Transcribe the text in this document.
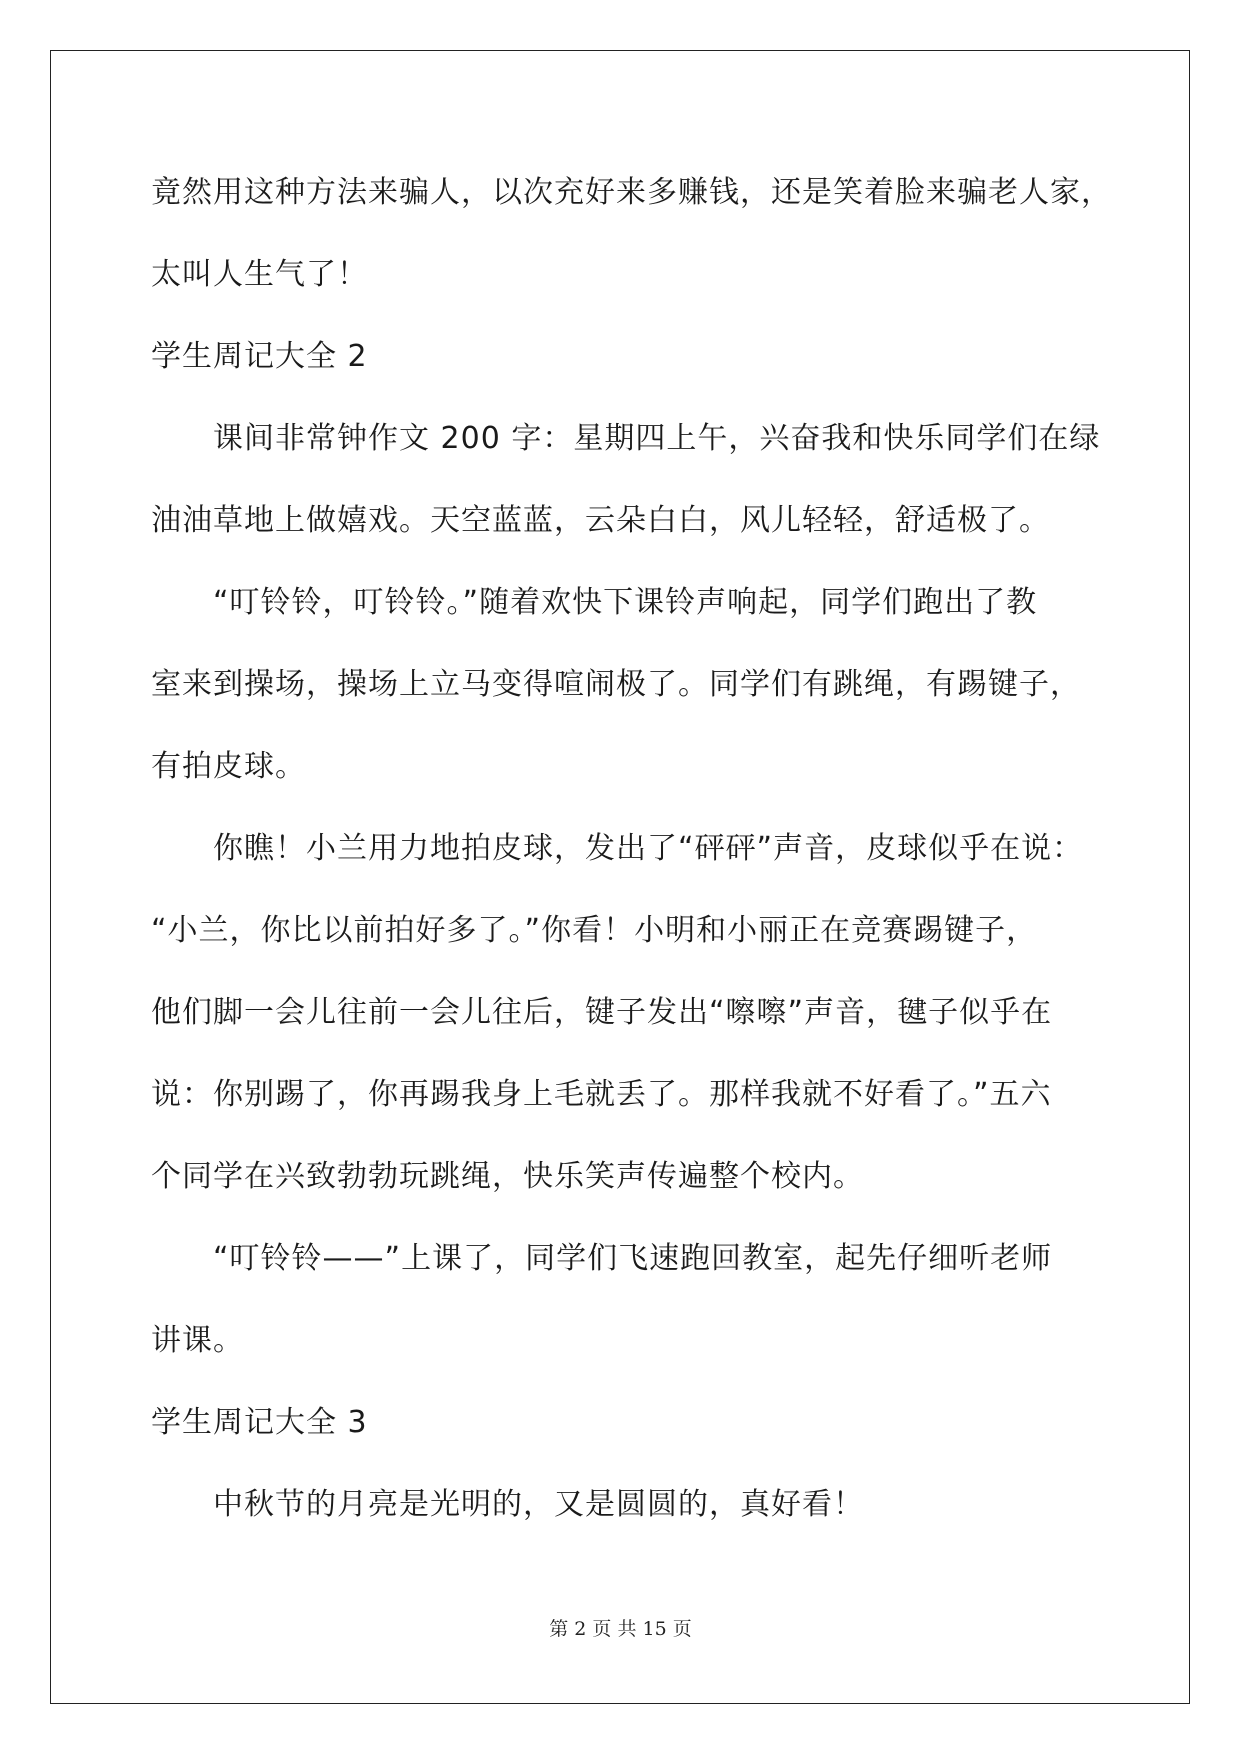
竟然用这种方法来骗人，以次充好来多赚钱，还是笑着脸来骗老人家，
太叫人生气了！
学生周记大全 2
课间非常钟作文 200 字：星期四上午，兴奋我和快乐同学们在绿
油油草地上做嬉戏。天空蓝蓝，云朵白白，风儿轻轻，舒适极了。
“叮铃铃，叮铃铃。”随着欢快下课铃声响起，同学们跑出了教
室来到操场，操场上立马变得喧闹极了。同学们有跳绳，有踢键子，
有拍皮球。
你瞧！小兰用力地拍皮球，发出了“砰砰”声音，皮球似乎在说：
“小兰，你比以前拍好多了。”你看！小明和小丽正在竞赛踢键子，
他们脚一会儿往前一会儿往后，键子发出“嚓嚓”声音，毽子似乎在
说：你别踢了，你再踢我身上毛就丢了。那样我就不好看了。”五六
个同学在兴致勃勃玩跳绳，快乐笑声传遍整个校内。
“叮铃铃——”上课了，同学们飞速跑回教室，起先仔细听老师
讲课。
学生周记大全 3
中秋节的月亮是光明的，又是圆圆的，真好看！
第 2 页 共 15 页
